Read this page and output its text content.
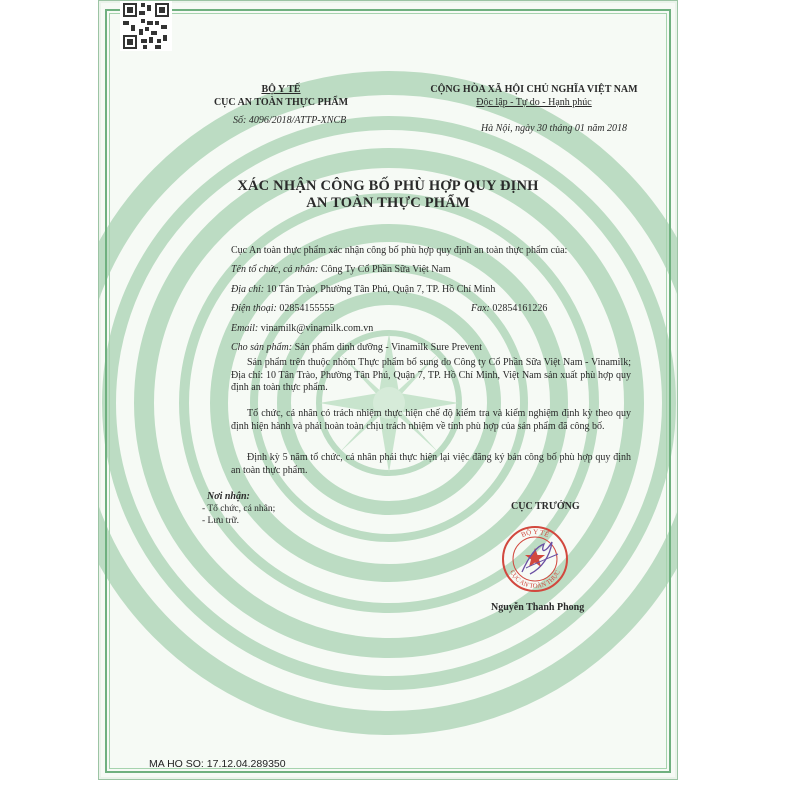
BỘ Y TẾ
CỤC AN TOÀN THỰC PHẨM
Số: 4096/2018/ATTP-XNCB
CỘNG HÒA XÃ HỘI CHỦ NGHĨA VIỆT NAM
Độc lập - Tự do - Hạnh phúc
Hà Nội, ngày 30 tháng 01 năm 2018
XÁC NHẬN CÔNG BỐ PHÙ HỢP QUY ĐỊNH
AN TOÀN THỰC PHẨM
Cục An toàn thực phẩm xác nhận công bố phù hợp quy định an toàn thực phẩm của:
Tên tổ chức, cá nhân: Công Ty Cổ Phần Sữa Việt Nam
Địa chỉ: 10 Tân Trào, Phường Tân Phú, Quận 7, TP. Hồ Chí Minh
Điện thoại: 02854155555	Fax: 02854161226
Email: vinamilk@vinamilk.com.vn
Cho sản phẩm: Sản phẩm dinh dưỡng - Vinamilk Sure Prevent
Sản phẩm trên thuộc nhóm Thực phẩm bổ sung do Công ty Cổ Phần Sữa Việt Nam - Vinamilk; Địa chỉ: 10 Tân Trào, Phường Tân Phú, Quận 7, TP. Hồ Chí Minh, Việt Nam sản xuất phù hợp quy định an toàn thực phẩm.
Tổ chức, cá nhân có trách nhiệm thực hiện chế độ kiểm tra và kiểm nghiệm định kỳ theo quy định hiện hành và phải hoàn toàn chịu trách nhiệm về tính phù hợp của sản phẩm đã công bố.
Định kỳ 5 năm tổ chức, cá nhân phải thực hiện lại việc đăng ký bản công bố phù hợp quy định an toàn thực phẩm.
Nơi nhận:
- Tổ chức, cá nhân;
- Lưu trữ.
CỤC TRƯỞNG
BỘ Y TẾ
CỤC AN TOÀN THỰC
Nguyễn Thanh Phong
MA HO SO: 17.12.04.289350
